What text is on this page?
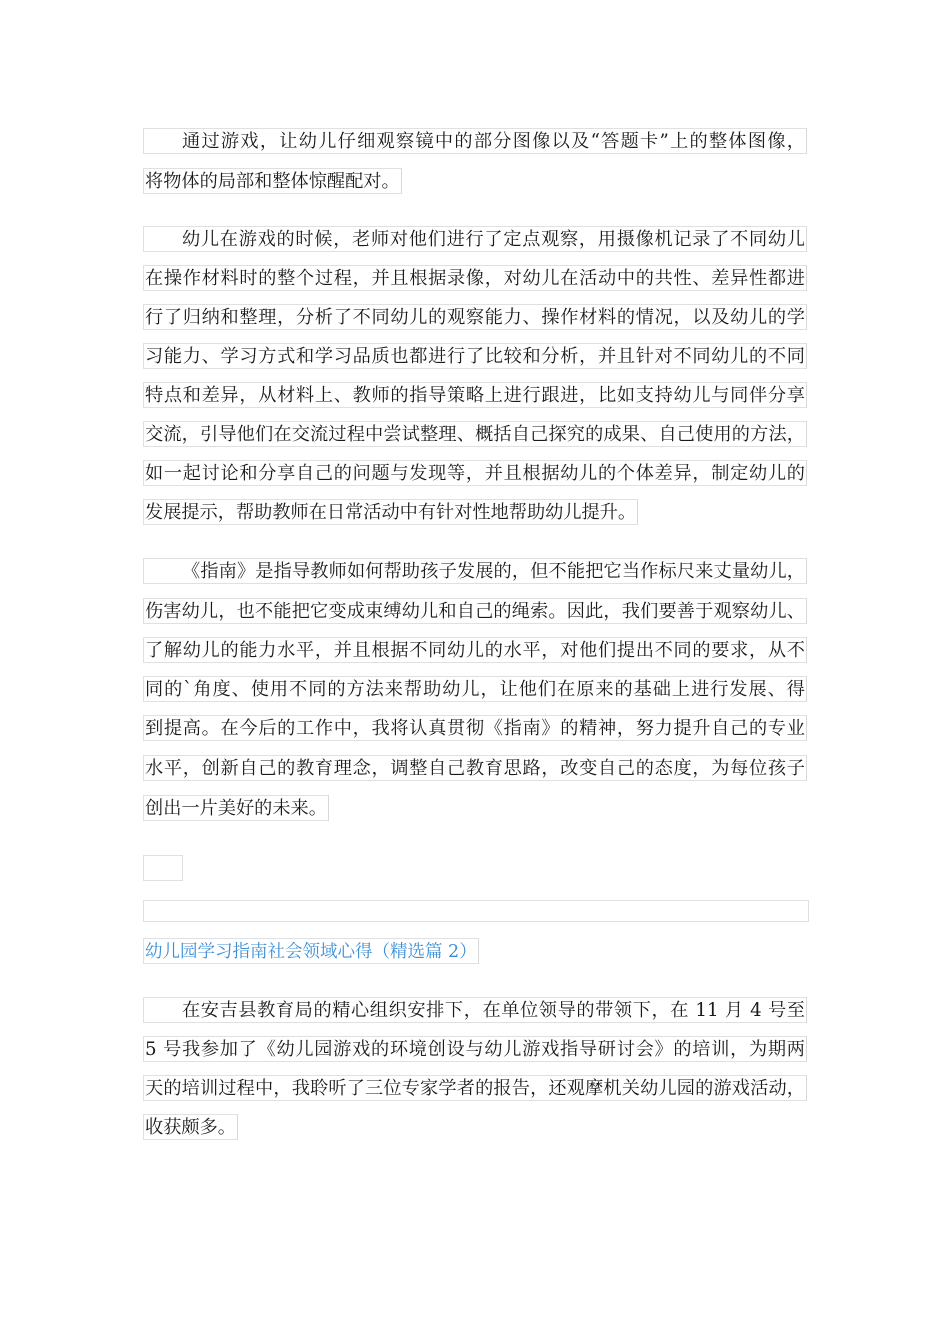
通过游戏，让幼儿仔细观察镜中的部分图像以及“答题卡”上的整体图像，
将物体的局部和整体惊醒配对。
幼儿在游戏的时候，老师对他们进行了定点观察，用摄像机记录了不同幼儿
在操作材料时的整个过程，并且根据录像，对幼儿在活动中的共性、差异性都进
行了归纳和整理，分析了不同幼儿的观察能力、操作材料的情况，以及幼儿的学
习能力、学习方式和学习品质也都进行了比较和分析，并且针对不同幼儿的不同
特点和差异，从材料上、教师的指导策略上进行跟进，比如支持幼儿与同伴分享
交流，引导他们在交流过程中尝试整理、概括自己探究的成果、自己使用的方法，
如一起讨论和分享自己的问题与发现等，并且根据幼儿的个体差异，制定幼儿的
发展提示，帮助教师在日常活动中有针对性地帮助幼儿提升。
《指南》是指导教师如何帮助孩子发展的，但不能把它当作标尺来丈量幼儿，
伤害幼儿，也不能把它变成束缚幼儿和自己的绳索。因此，我们要善于观察幼儿、
了解幼儿的能力水平，并且根据不同幼儿的水平，对他们提出不同的要求，从不
同的`角度、使用不同的方法来帮助幼儿，让他们在原来的基础上进行发展、得
到提高。在今后的工作中，我将认真贯彻《指南》的精神，努力提升自己的专业
水平，创新自己的教育理念，调整自己教育思路，改变自己的态度，为每位孩子
创出一片美好的未来。
幼儿园学习指南社会领域心得（精选篇 2）
在安吉县教育局的精心组织安排下，在单位领导的带领下，在 11 月 4 号至
5 号我参加了《幼儿园游戏的环境创设与幼儿游戏指导研讨会》的培训，为期两
天的培训过程中，我聆听了三位专家学者的报告，还观摩机关幼儿园的游戏活动，
收获颇多。
